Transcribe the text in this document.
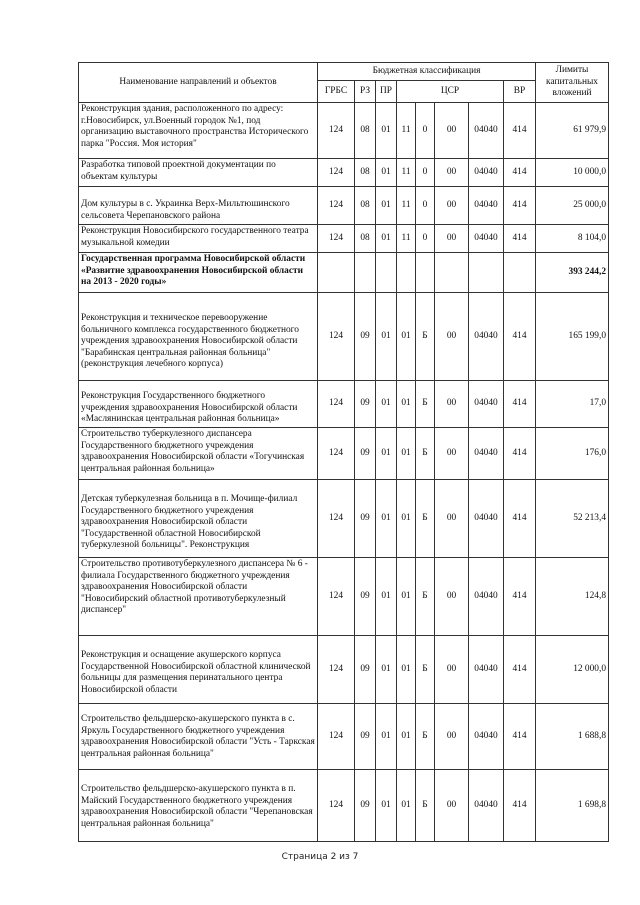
Наименование направлений и объектов	Бюджетная классификация								Лимиты капитальных вложений
	ГРБС	РЗ	ПР	ЦСР				ВР	
Реконструкция здания, расположенного по адресу: г.Новосибирск, ул.Военный городок №1, под организацию выставочного пространства Исторического парка "Россия. Моя история"	124	08	01	11	0	00	04040	414	61 979,9
Разработка типовой проектной документации по объектам культуры	124	08	01	11	0	00	04040	414	10 000,0
Дом культуры в с. Украинка Верх-Мильтюшинского сельсовета Черепановского района	124	08	01	11	0	00	04040	414	25 000,0
Реконструкция Новосибирского государственного театра музыкальной комедии	124	08	01	11	0	00	04040	414	8 104,0
Государственная программа Новосибирской области «Развитие здравоохранения Новосибирской области на 2013 - 2020 годы»									393 244,2
Реконструкция и техническое перевооружение больничного комплекса государственного бюджетного учреждения здравоохранения Новосибирской области "Барабинская центральная районная больница" (реконструкция лечебного корпуса)	124	09	01	01	Б	00	04040	414	165 199,0
Реконструкция Государственного бюджетного учреждения здравоохранения Новосибирской области «Маслянинская центральная районная больница»	124	09	01	01	Б	00	04040	414	17,0
Строительство туберкулезного диспансера Государственного бюджетного учреждения здравоохранения Новосибирской области «Тогучинская центральная районная больница»	124	09	01	01	Б	00	04040	414	176,0
Детская туберкулезная больница в п. Мочище-филиал Государственного бюджетного учреждения здравоохранения Новосибирской области "Государственной областной Новосибирской туберкулезной больницы". Реконструкция	124	09	01	01	Б	00	04040	414	52 213,4
Строительство противотуберкулезного диспансера № 6 - филиала Государственного бюджетного учреждения здравоохранения Новосибирской области "Новосибирский областной противотуберкулезный диспансер"	124	09	01	01	Б	00	04040	414	124,8
Реконструкция и оснащение акушерского корпуса Государственной Новосибирской областной клинической больницы для размещения перинатального центра Новосибирской области	124	09	01	01	Б	00	04040	414	12 000,0
Строительство фельдшерско-акушерского пункта в с. Яркуль Государственного бюджетного учреждения здравоохранения Новосибирской области "Усть - Таркская центральная районная больница"	124	09	01	01	Б	00	04040	414	1 688,8
Строительство фельдшерско-акушерского пункта в п. Майский Государственного бюджетного учреждения здравоохранения Новосибирской области "Черепановская центральная районная больница"	124	09	01	01	Б	00	04040	414	1 698,8
Страница 2 из 7
